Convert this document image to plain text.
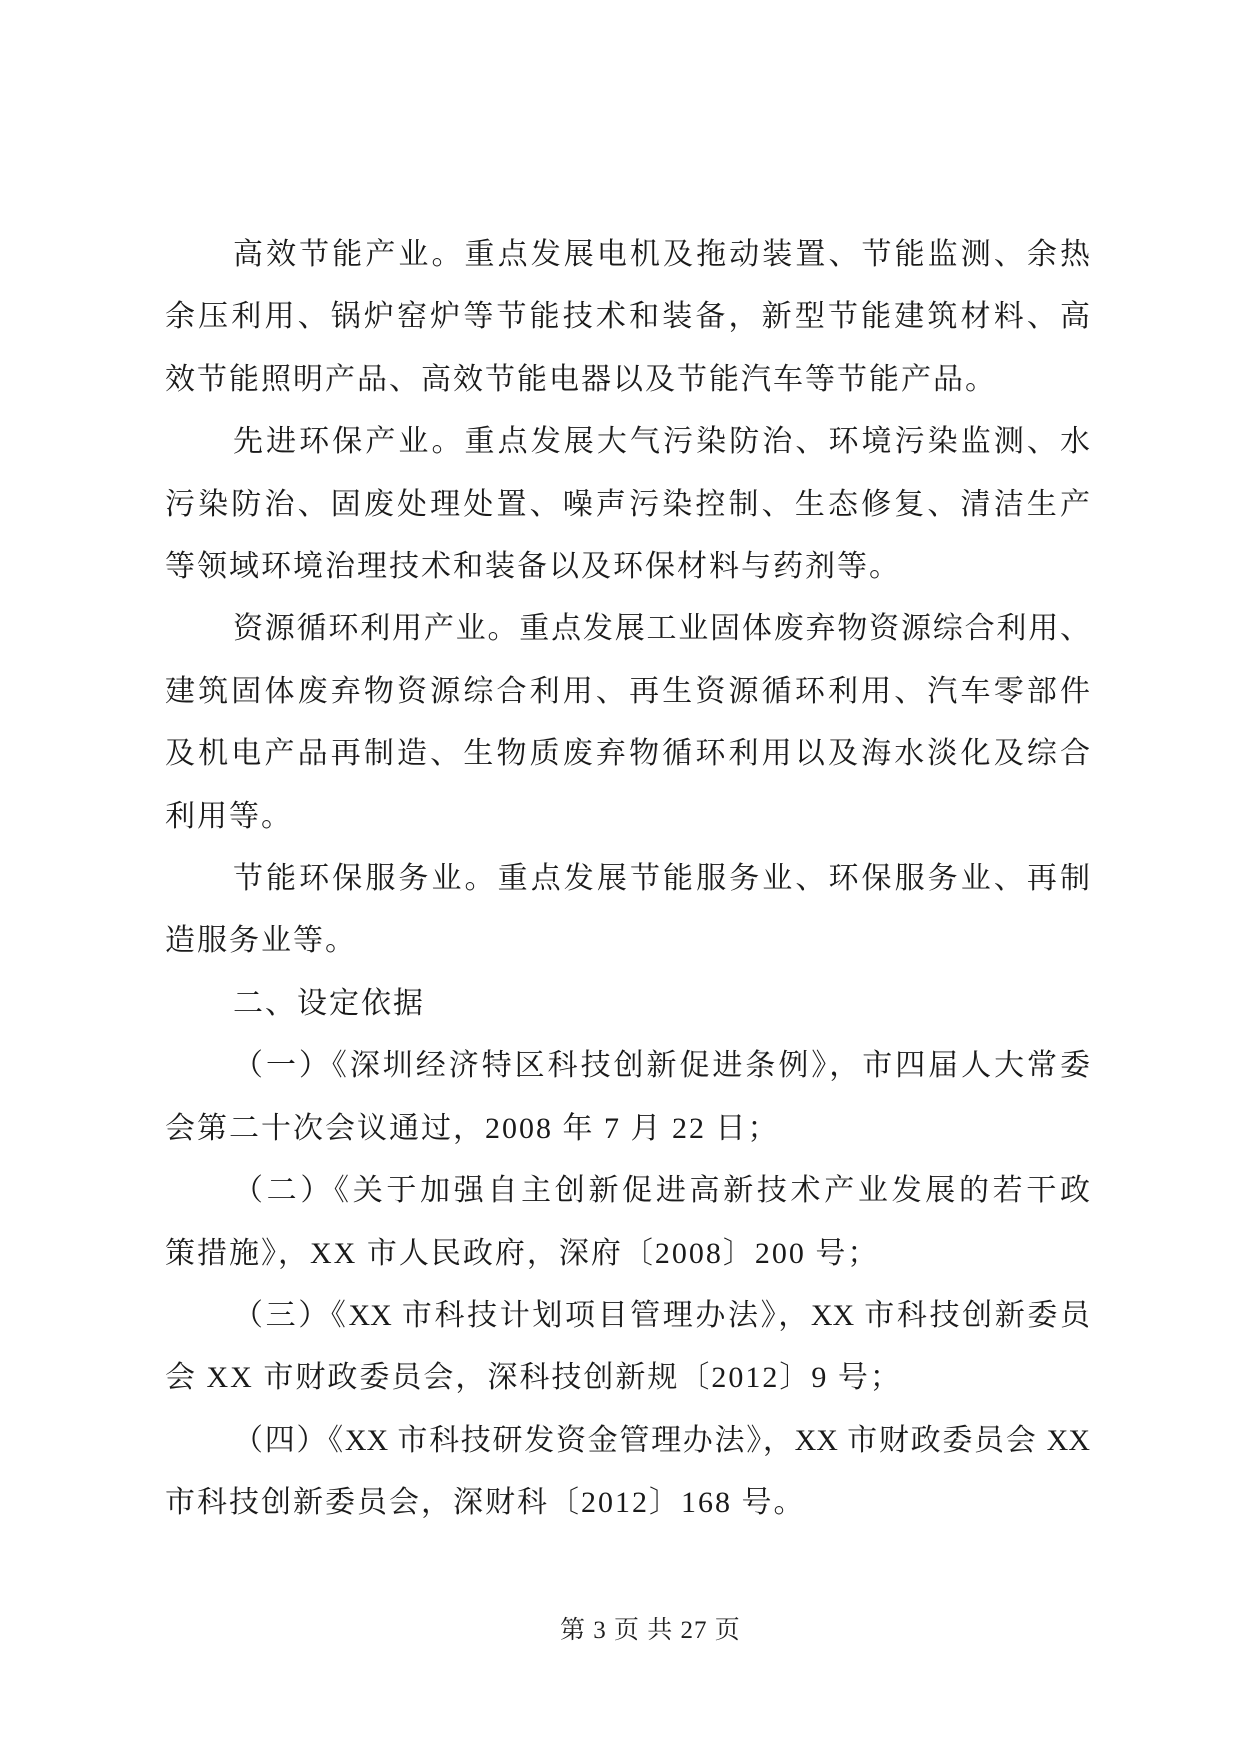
高效节能产业。重点发展电机及拖动装置、节能监测、余热
余压利用、锅炉窑炉等节能技术和装备，新型节能建筑材料、高
效节能照明产品、高效节能电器以及节能汽车等节能产品。
先进环保产业。重点发展大气污染防治、环境污染监测、水
污染防治、固废处理处置、噪声污染控制、生态修复、清洁生产
等领域环境治理技术和装备以及环保材料与药剂等。
资源循环利用产业。重点发展工业固体废弃物资源综合利用、
建筑固体废弃物资源综合利用、再生资源循环利用、汽车零部件
及机电产品再制造、生物质废弃物循环利用以及海水淡化及综合
利用等。
节能环保服务业。重点发展节能服务业、环保服务业、再制
造服务业等。
二、设定依据
（一）《深圳经济特区科技创新促进条例》，市四届人大常委
会第二十次会议通过，2008 年 7 月 22 日；
（二）《关于加强自主创新促进高新技术产业发展的若干政
策措施》，XX 市人民政府，深府〔2008〕200 号；
（三）《XX 市科技计划项目管理办法》，XX 市科技创新委员
会 XX 市财政委员会，深科技创新规〔2012〕9 号；
（四）《XX 市科技研发资金管理办法》，XX 市财政委员会 XX
市科技创新委员会，深财科〔2012〕168 号。
第 3 页 共 27 页
